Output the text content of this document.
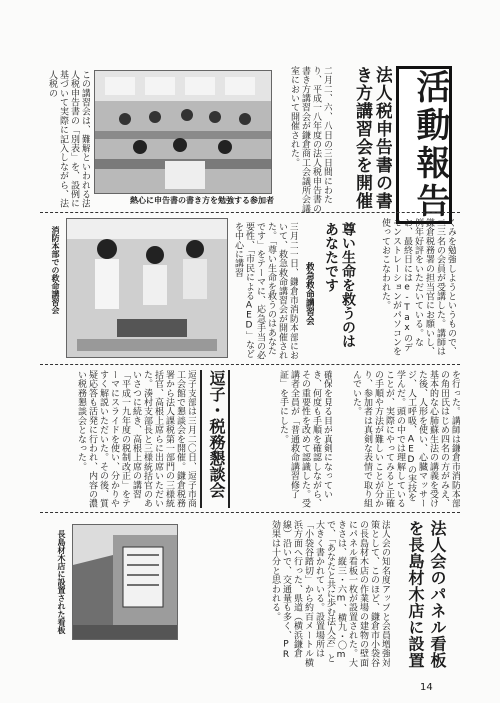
活動報告
法人税申告書の書き方講習会を開催
二月二、六、八日の三日間にわたり、平成一八年度の法人税申告書の書き方講習会が鎌倉商工会議所会議室において開催された。
熱心に申告書の書き方を勉強する参加者
この講習会は、難解といわれる法人税申告書の「別表」を、設例に基づいて実際に記入しながら、法人税の
くみを勉強しようというもので、二三名の会員が受講した。講師は鎌倉税務署の担当官にお願いし、例年好評をいただいている。なお、最終日にはe-Taxのデモンストレーションがパソコンを使っておこなわれた。
尊い生命を救うのはあなたです
救急救命講習会
三月二一日、鎌倉市消防本部において、救急救命講習会が開催された。「尊い生命を救うのはあなたです」をテーマに、応急手当の必要性、「市民によるAED」などを中心に講習
消防本部での救命講習会
を行った。講師は鎌倉市消防本部の角田氏はじめ四名の方がみえ、基本的な心肺蘇生法の講義を受けた後、人形を使い、心臓マッサージ、人工呼吸、AEDの実技を学んだ。頭の中では理解していることが、実際にやってみると正確の手順や方法が難しいことが分かり、参加者は真剣な表情で取り組んでいた。
確保を見る目が真剣になっていき、何度も手順を確認しながら、その重要性を改めて認識した。受講者全員が「普通救命講習修了証」を手にした。
逗子・税務懇談会
逗子支部は三月二〇日、逗子市商工会館で懇談会を開催。鎌倉税務署から法人課税第一部門の三様統括官、高根上席らに出席いただいた。湊村支部長と三様統括官のあいさつに続き、高根上席の講習「平成一九年度の税制改正」をテーマにスライドを使い、分かりやすく解説いただいた。その後、質疑応答も活発に行われ、内容の濃い税務懇談会となった。
法人会のパネル看板を長島材木店に設置
法人会の知名度アップと会員増強対策として、このほど、鎌倉市小袋谷の長島材木店の作業場の建物の壁面にパネル看板一枚が設置された。大きさは、縦三・六m、横九・〇mで、「あなたと共に歩む法人会」と大きく書かれている。設置場所は「小袋谷踏切」から約百メートル横浜方面へ行った、県道（横浜鎌倉線）沿いで、交通量も多く、PR効果は十分と思われる。
長島材木店に設置された看板
14
